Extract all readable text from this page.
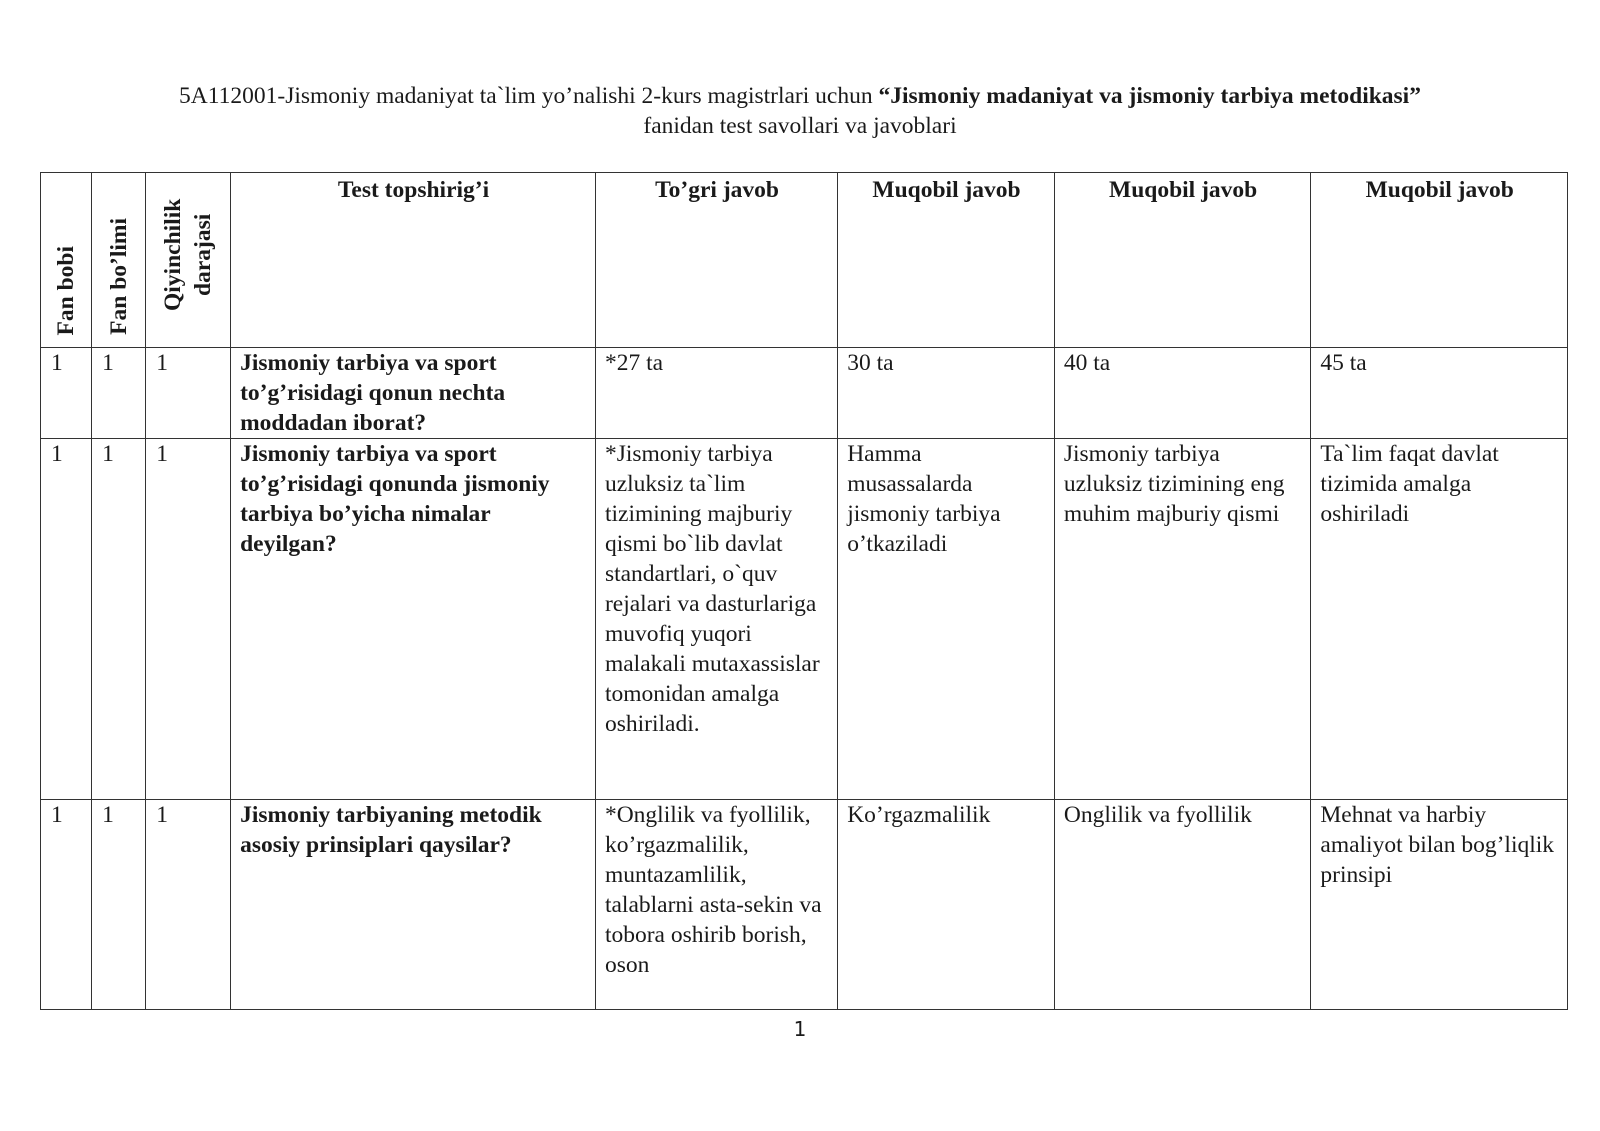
5A112001-Jismoniy madaniyat ta`lim yo’nalishi 2-kurs magistrlari uchun “Jismoniy madaniyat va jismoniy tarbiya metodikasi”
fanidan test savollari va javoblari
Fan bobi	Fan bo’limi	Qiyinchilik darajasi	Test topshirig’i	To’gri javob	Muqobil javob	Muqobil javob	Muqobil javob
1	1	1	Jismoniy tarbiya va sport to’g’risidagi qonun nechta moddadan iborat?	*27 ta	30 ta	40 ta	45 ta
1	1	1	Jismoniy tarbiya va sport to’g’risidagi qonunda jismoniy tarbiya bo’yicha nimalar deyilgan?	*Jismoniy tarbiya uzluksiz ta`lim tizimining majburiy qismi bo`lib davlat standartlari, o`quv rejalari va dasturlariga muvofiq yuqori malakali mutaxassislar tomonidan amalga oshiriladi.	Hamma musassalarda jismoniy tarbiya o’tkaziladi	Jismoniy tarbiya uzluksiz tizimining eng muhim majburiy qismi	Ta`lim faqat davlat tizimida amalga oshiriladi
1	1	1	Jismoniy tarbiyaning metodik asosiy prinsiplari qaysilar?	*Onglilik va fyollilik, ko’rgazmalilik, muntazamlilik, talablarni asta-sekin va tobora oshirib borish, oson	Ko’rgazmalilik	Onglilik va fyollilik	Mehnat va harbiy amaliyot bilan bog’liqlik prinsipi
1
